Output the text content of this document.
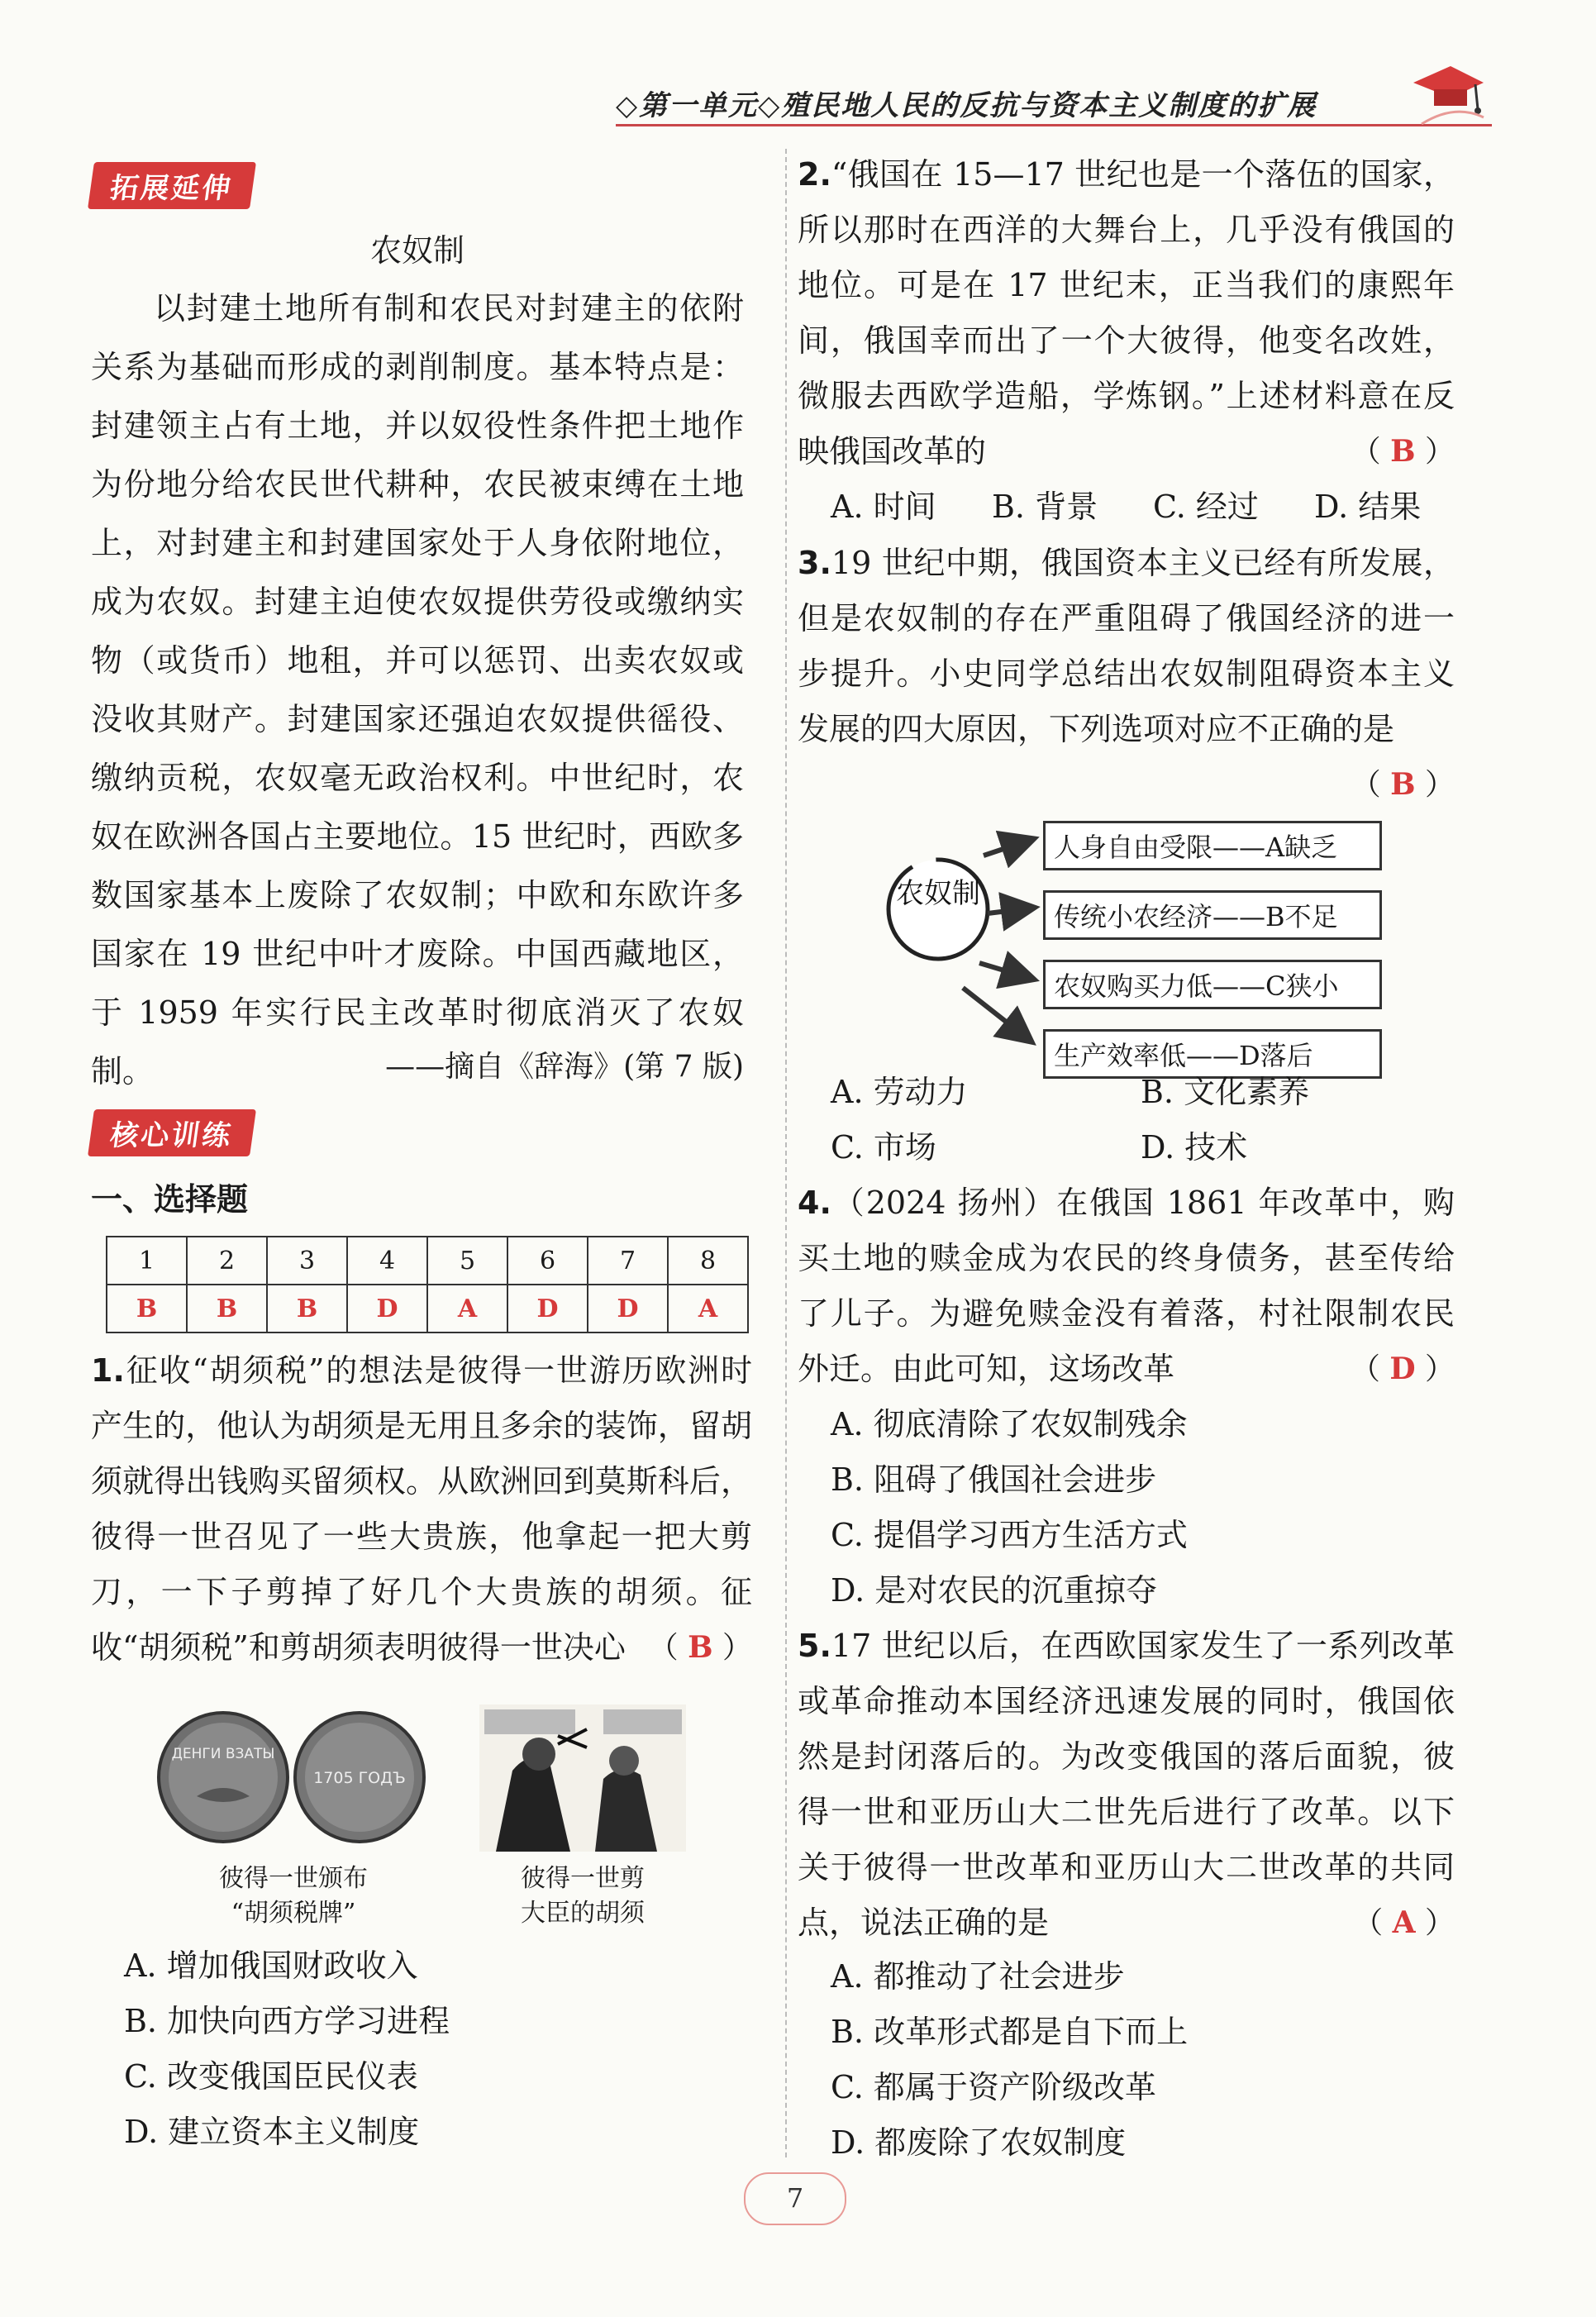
◇第一单元◇殖民地人民的反抗与资本主义制度的扩展
拓展延伸
农奴制
以封建土地所有制和农民对封建主的依附关系为基础而形成的剥削制度。基本特点是：封建领主占有土地，并以奴役性条件把土地作为份地分给农民世代耕种，农民被束缚在土地上，对封建主和封建国家处于人身依附地位，成为农奴。封建主迫使农奴提供劳役或缴纳实物（或货币）地租，并可以惩罚、出卖农奴或没收其财产。封建国家还强迫农奴提供徭役、缴纳贡税，农奴毫无政治权利。中世纪时，农奴在欧洲各国占主要地位。15 世纪时，西欧多数国家基本上废除了农奴制；中欧和东欧许多国家在 19 世纪中叶才废除。中国西藏地区，于 1959 年实行民主改革时彻底消灭了农奴制。	——摘自《辞海》(第 7 版)
核心训练
一、选择题
1	2	3	4	5	6	7	8
B	B	B	D	A	D	D	A
1.征收“胡须税”的想法是彼得一世游历欧洲时产生的，他认为胡须是无用且多余的装饰，留胡须就得出钱购买留须权。从欧洲回到莫斯科后，彼得一世召见了一些大贵族，他拿起一把大剪刀，一下子剪掉了好几个大贵族的胡须。征收“胡须税”和剪胡须表明彼得一世决心 （ B ）
ДЕНГИ ВЗАТЫ
1705 ГОДЪ
彼得一世颁布
“胡须税牌”
彼得一世剪
大臣的胡须
A. 增加俄国财政收入
B. 加快向西方学习进程
C. 改变俄国臣民仪表
D. 建立资本主义制度
2.“俄国在 15—17 世纪也是一个落伍的国家，所以那时在西洋的大舞台上，几乎没有俄国的地位。可是在 17 世纪末，正当我们的康熙年间，俄国幸而出了一个大彼得，他变名改姓，微服去西欧学造船，学炼钢。”上述材料意在反映俄国改革的	（ B ）
A. 时间	B. 背景	C. 经过	D. 结果
3.19 世纪中期，俄国资本主义已经有所发展，但是农奴制的存在严重阻碍了俄国经济的进一步提升。小史同学总结出农奴制阻碍资本主义发展的四大原因，下列选项对应不正确的是
（ B ）
农奴制
人身自由受限——A缺乏
传统小农经济——B不足
农奴购买力低——C狭小
生产效率低——D落后
A. 劳动力	B. 文化素养
C. 市场	D. 技术
4.（2024 扬州）在俄国 1861 年改革中，购买土地的赎金成为农民的终身债务，甚至传给了儿子。为避免赎金没有着落，村社限制农民外迁。由此可知，这场改革	（ D ）
A. 彻底清除了农奴制残余
B. 阻碍了俄国社会进步
C. 提倡学习西方生活方式
D. 是对农民的沉重掠夺
5.17 世纪以后，在西欧国家发生了一系列改革或革命推动本国经济迅速发展的同时，俄国依然是封闭落后的。为改变俄国的落后面貌，彼得一世和亚历山大二世先后进行了改革。以下关于彼得一世改革和亚历山大二世改革的共同点，说法正确的是	（ A ）
A. 都推动了社会进步
B. 改革形式都是自下而上
C. 都属于资产阶级改革
D. 都废除了农奴制度
7
